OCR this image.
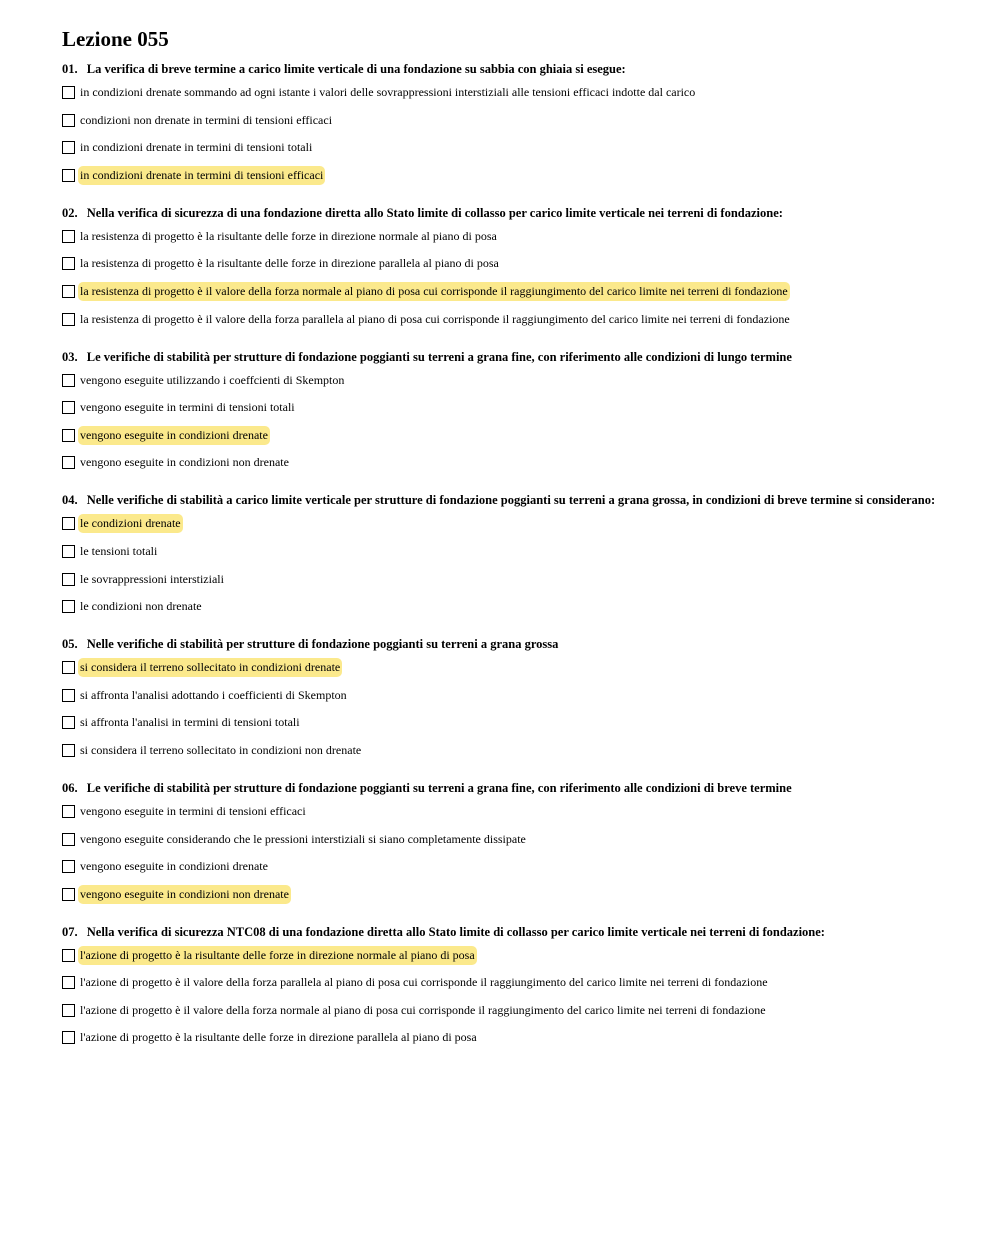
Lezione 055
01. La verifica di breve termine a carico limite verticale di una fondazione su sabbia con ghiaia si esegue:
in condizioni drenate sommando ad ogni istante i valori delle sovrappressioni interstiziali alle tensioni efficaci indotte dal carico
condizioni non drenate in termini di tensioni efficaci
in condizioni drenate in termini di tensioni totali
in condizioni drenate in termini di tensioni efficaci
02. Nella verifica di sicurezza di una fondazione diretta allo Stato limite di collasso per carico limite verticale nei terreni di fondazione:
la resistenza di progetto è la risultante delle forze in direzione normale al piano di posa
la resistenza di progetto è la risultante delle forze in direzione parallela al piano di posa
la resistenza di progetto è il valore della forza normale al piano di posa cui corrisponde il raggiungimento del carico limite nei terreni di fondazione
la resistenza di progetto è il valore della forza parallela al piano di posa cui corrisponde il raggiungimento del carico limite nei terreni di fondazione
03. Le verifiche di stabilità per strutture di fondazione poggianti su terreni a grana fine, con riferimento alle condizioni di lungo termine
vengono eseguite utilizzando i coeffcienti di Skempton
vengono eseguite in termini di tensioni totali
vengono eseguite in condizioni drenate
vengono eseguite in condizioni non drenate
04. Nelle verifiche di stabilità a carico limite verticale per strutture di fondazione poggianti su terreni a grana grossa, in condizioni di breve termine si considerano:
le condizioni drenate
le tensioni totali
le sovrappressioni interstiziali
le condizioni non drenate
05. Nelle verifiche di stabilità per strutture di fondazione poggianti su terreni a grana grossa
si considera il terreno sollecitato in condizioni drenate
si affronta l'analisi adottando i coefficienti di Skempton
si affronta l'analisi in termini di tensioni totali
si considera il terreno sollecitato in condizioni non drenate
06. Le verifiche di stabilità per strutture di fondazione poggianti su terreni a grana fine, con riferimento alle condizioni di breve termine
vengono eseguite in termini di tensioni efficaci
vengono eseguite considerando che le pressioni interstiziali si siano completamente dissipate
vengono eseguite in condizioni drenate
vengono eseguite in condizioni non drenate
07. Nella verifica di sicurezza NTC08 di una fondazione diretta allo Stato limite di collasso per carico limite verticale nei terreni di fondazione:
l'azione di progetto è la risultante delle forze in direzione normale al piano di posa
l'azione di progetto è il valore della forza parallela al piano di posa cui corrisponde il raggiungimento del carico limite nei terreni di fondazione
l'azione di progetto è il valore della forza normale al piano di posa cui corrisponde il raggiungimento del carico limite nei terreni di fondazione
l'azione di progetto è la risultante delle forze in direzione parallela al piano di posa
